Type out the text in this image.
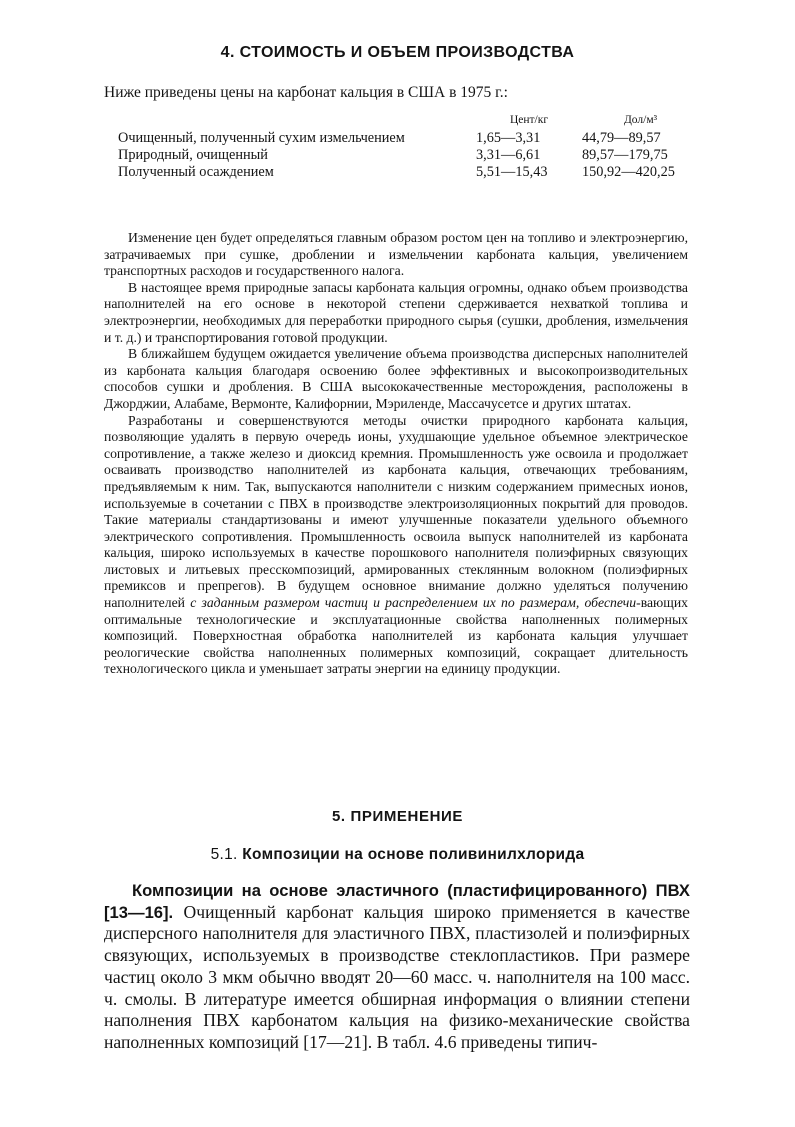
4. СТОИМОСТЬ И ОБЪЕМ ПРОИЗВОДСТВА
Ниже приведены цены на карбонат кальция в США в 1975 г.:
	Цент/кг	Дол/м³
Очищенный, полученный сухим измельчением	1,65—3,31	44,79—89,57
Природный, очищенный	3,31—6,61	89,57—179,75
Полученный осаждением	5,51—15,43	150,92—420,25

Изменение цен будет определяться главным образом ростом цен на топливо и электроэнергию, затрачиваемых при сушке, дроблении и измельчении карбоната кальция, увеличением транспортных расходов и государственного налога.

В настоящее время природные запасы карбоната кальция огромны, однако объем производства наполнителей на его основе в некоторой степени сдерживается нехваткой топлива и электроэнергии, необходимых для переработки природного сырья (сушки, дробления, измельчения и т. д.) и транспортирования готовой продукции.

В ближайшем будущем ожидается увеличение объема производства дисперсных наполнителей из карбоната кальция благодаря освоению более эффективных и высокопроизводительных способов сушки и дробления. В США высококачественные месторождения, расположены в Джорджии, Алабаме, Вермонте, Калифорнии, Мэриленде, Массачусетсе и других штатах.

Разработаны и совершенствуются методы очистки природного карбоната кальция, позволяющие удалять в первую очередь ионы, ухудшающие удельное объемное электрическое сопротивление, а также железо и диоксид кремния. Промышленность уже освоила и продолжает осваивать производство наполнителей из карбоната кальция, отвечающих требованиям, предъявляемым к ним. Так, выпускаются наполнители с низким содержанием примесных ионов, используемые в сочетании с ПВХ в производстве электроизоляционных покрытий для проводов. Такие материалы стандартизованы и имеют улучшенные показатели удельного объемного электрического сопротивления. Промышленность освоила выпуск наполнителей из карбоната кальция, широко используемых в качестве порошкового наполнителя полиэфирных связующих листовых и литьевых пресскомпозиций, армированных стеклянным волокном (полиэфирных премиксов и препрегов). В будущем основное внимание должно уделяться получению наполнителей с заданным размером частиц и распределением их по размерам, обеспечи-вающих оптимальные технологические и эксплуатационные свойства наполненных полимерных композиций. Поверхностная обработка наполнителей из карбоната кальция улучшает реологические свойства наполненных полимерных композиций, сокращает длительность технологического цикла и уменьшает затраты энергии на единицу продукции.

5. ПРИМЕНЕНИЕ
5.1. Композиции на основе поливинилхлорида

Композиции на основе эластичного (пластифицированного) ПВХ [13—16]. Очищенный карбонат кальция широко применяется в качестве дисперсного наполнителя для эластичного ПВХ, пластизолей и полиэфирных связующих, используемых в производстве стеклопластиков. При размере частиц около 3 мкм обычно вводят 20—60 масс. ч. наполнителя на 100 масс. ч. смолы. В литературе имеется обширная информация о влиянии степени наполнения ПВХ карбонатом кальция на физико-механические свойства наполненных композиций [17—21]. В табл. 4.6 приведены типич-
